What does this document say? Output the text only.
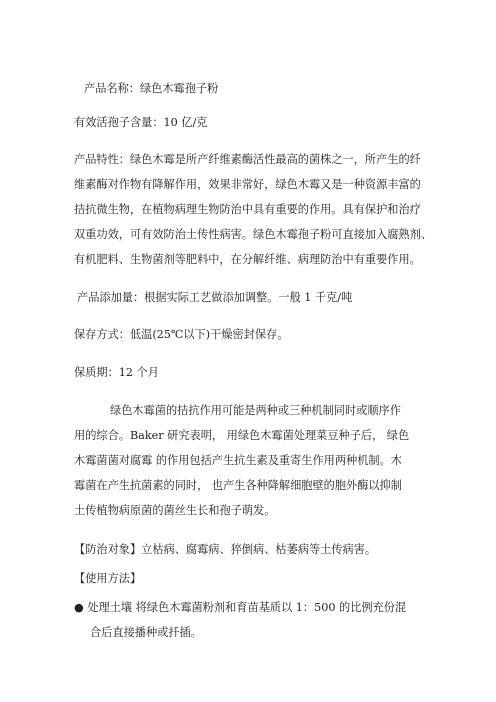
产品名称：绿色木霉孢子粉
有效活孢子含量：10 亿/克
产品特性：绿色木霉是所产纤维素酶活性最高的菌株之一，所产生的纤
维素酶对作物有降解作用，效果非常好，绿色木霉又是一种资源丰富的
拮抗微生物，在植物病理生物防治中具有重要的作用。具有保护和治疗
双重功效，可有效防治土传性病害。绿色木霉孢子粉可直接加入腐熟剂、
有机肥料、生物菌剂等肥料中，在分解纤维、病理防治中有重要作用。
产品添加量：根据实际工艺做添加调整。一般 1 千克/吨
保存方式：低温(25℃以下)干燥密封保存。
保质期：12 个月
绿色木霉菌的拮抗作用可能是两种或三种机制同时或顺序作
用的综合。Baker 研究表明， 用绿色木霉菌处理菜豆种子后， 绿色
木霉菌菌对腐霉 的作用包括产生抗生素及重寄生作用两种机制。木
霉菌在产生抗菌素的同时， 也产生各种降解细胞壁的胞外酶以抑制
土传植物病原菌的菌丝生长和孢子萌发。
【防治对象】立枯病、腐霉病、猝倒病、枯萎病等土传病害。
【使用方法】
● 处理土壤 将绿色木霉菌粉剂和育苗基质以 1：500 的比例充份混
合后直接播种或扦插。
